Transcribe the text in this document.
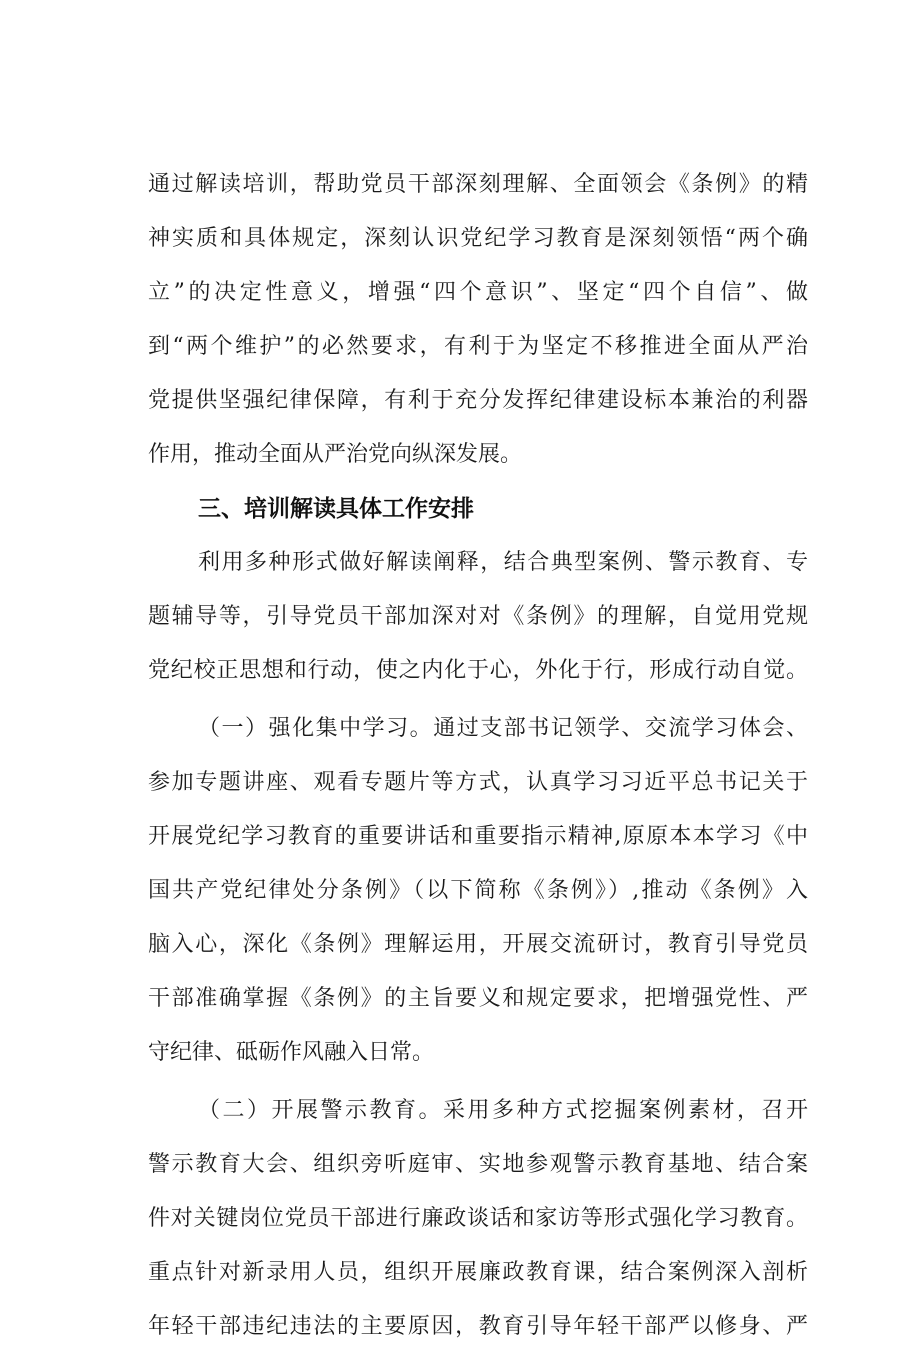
通过解读培训，帮助党员干部深刻理解、全面领会《条例》的精
神实质和具体规定，深刻认识党纪学习教育是深刻领悟“两个确
立”的决定性意义，增强“四个意识”、坚定“四个自信”、做
到“两个维护”的必然要求，有利于为坚定不移推进全面从严治
党提供坚强纪律保障，有利于充分发挥纪律建设标本兼治的利器
作用，推动全面从严治党向纵深发展。
三、培训解读具体工作安排
利用多种形式做好解读阐释，结合典型案例、警示教育、专
题辅导等，引导党员干部加深对对《条例》的理解，自觉用党规
党纪校正思想和行动，使之内化于心，外化于行，形成行动自觉。
（一）强化集中学习。通过支部书记领学、交流学习体会、
参加专题讲座、观看专题片等方式，认真学习习近平总书记关于
开展党纪学习教育的重要讲话和重要指示精神,原原本本学习《中
国共产党纪律处分条例》（以下简称《条例》）,推动《条例》入
脑入心，深化《条例》理解运用，开展交流研讨，教育引导党员
干部准确掌握《条例》的主旨要义和规定要求，把增强党性、严
守纪律、砥砺作风融入日常。
（二）开展警示教育。采用多种方式挖掘案例素材，召开
警示教育大会、组织旁听庭审、实地参观警示教育基地、结合案
件对关键岗位党员干部进行廉政谈话和家访等形式强化学习教育。
重点针对新录用人员，组织开展廉政教育课，结合案例深入剖析
年轻干部违纪违法的主要原因，教育引导年轻干部严以修身、严
